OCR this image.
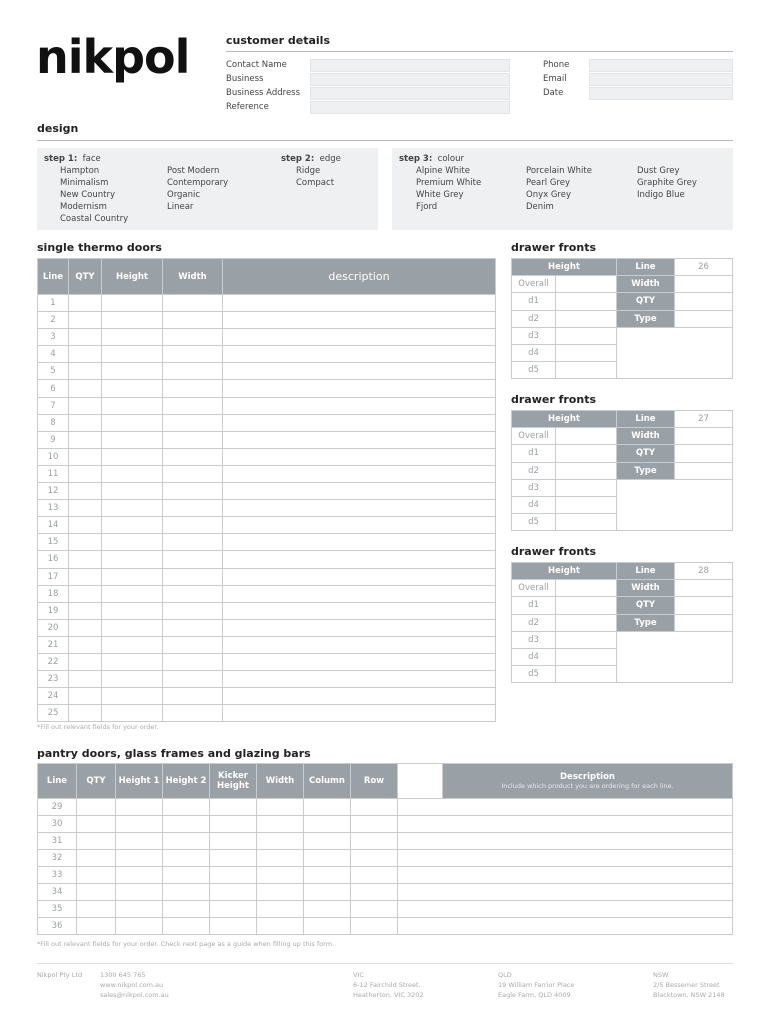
nikpol	customer details
Contact Name
Business
Business Address
Reference
Phone
Email
Date
design
step 1: face
Hampton
Minimalism
New Country
Modernism
Coastal Country
Post Modern
Contemporary
Organic
Linear
step 2: edge
Ridge
Compact
step 3: colour
Alpine White
Premium White
White Grey
Fjord
Porcelain White
Pearl Grey
Onyx Grey
Denim
Dust Grey
Graphite Grey
Indigo Blue
single thermo doors
Line	QTY	Height	Width	description
1				
2				
3				
4				
5				
6				
7				
8				
9				
10				
11				
12				
13				
14				
15				
16				
17				
18				
19				
20				
21				
22				
23				
24				
25				
*Fill out relevant fields for your order.
drawer fronts
Height		Line	26
Overall		Width	
d1		QTY	
d2		Type	
d3			
d4			
d5			
drawer fronts
Height		Line	27
Overall		Width	
d1		QTY	
d2		Type	
d3			
d4			
d5			
drawer fronts
Height		Line	28
Overall		Width	
d1		QTY	
d2		Type	
d3			
d4			
d5			
pantry doors, glass frames and glazing bars
Line	QTY	Height 1	Height 2	Kicker Height	Width	Column	Row		Description
Include which product you are ordering for each line.

29									
30									
31									
32									
33									
34									
35									
36									
*Fill out relevant fields for your order. Check next page as a guide when filling up this form.
Nikpol Pty Ltd	1300 645 765
www.nikpol.com.au
sales@nikpol.com.au
VIC
6-12 Fairchild Street,
Heatherton, VIC 3202
QLD
19 William Farrior Place
Eagle Farm, QLD 4009
NSW
2/5 Bessemer Street
Blacktown, NSW 2148
